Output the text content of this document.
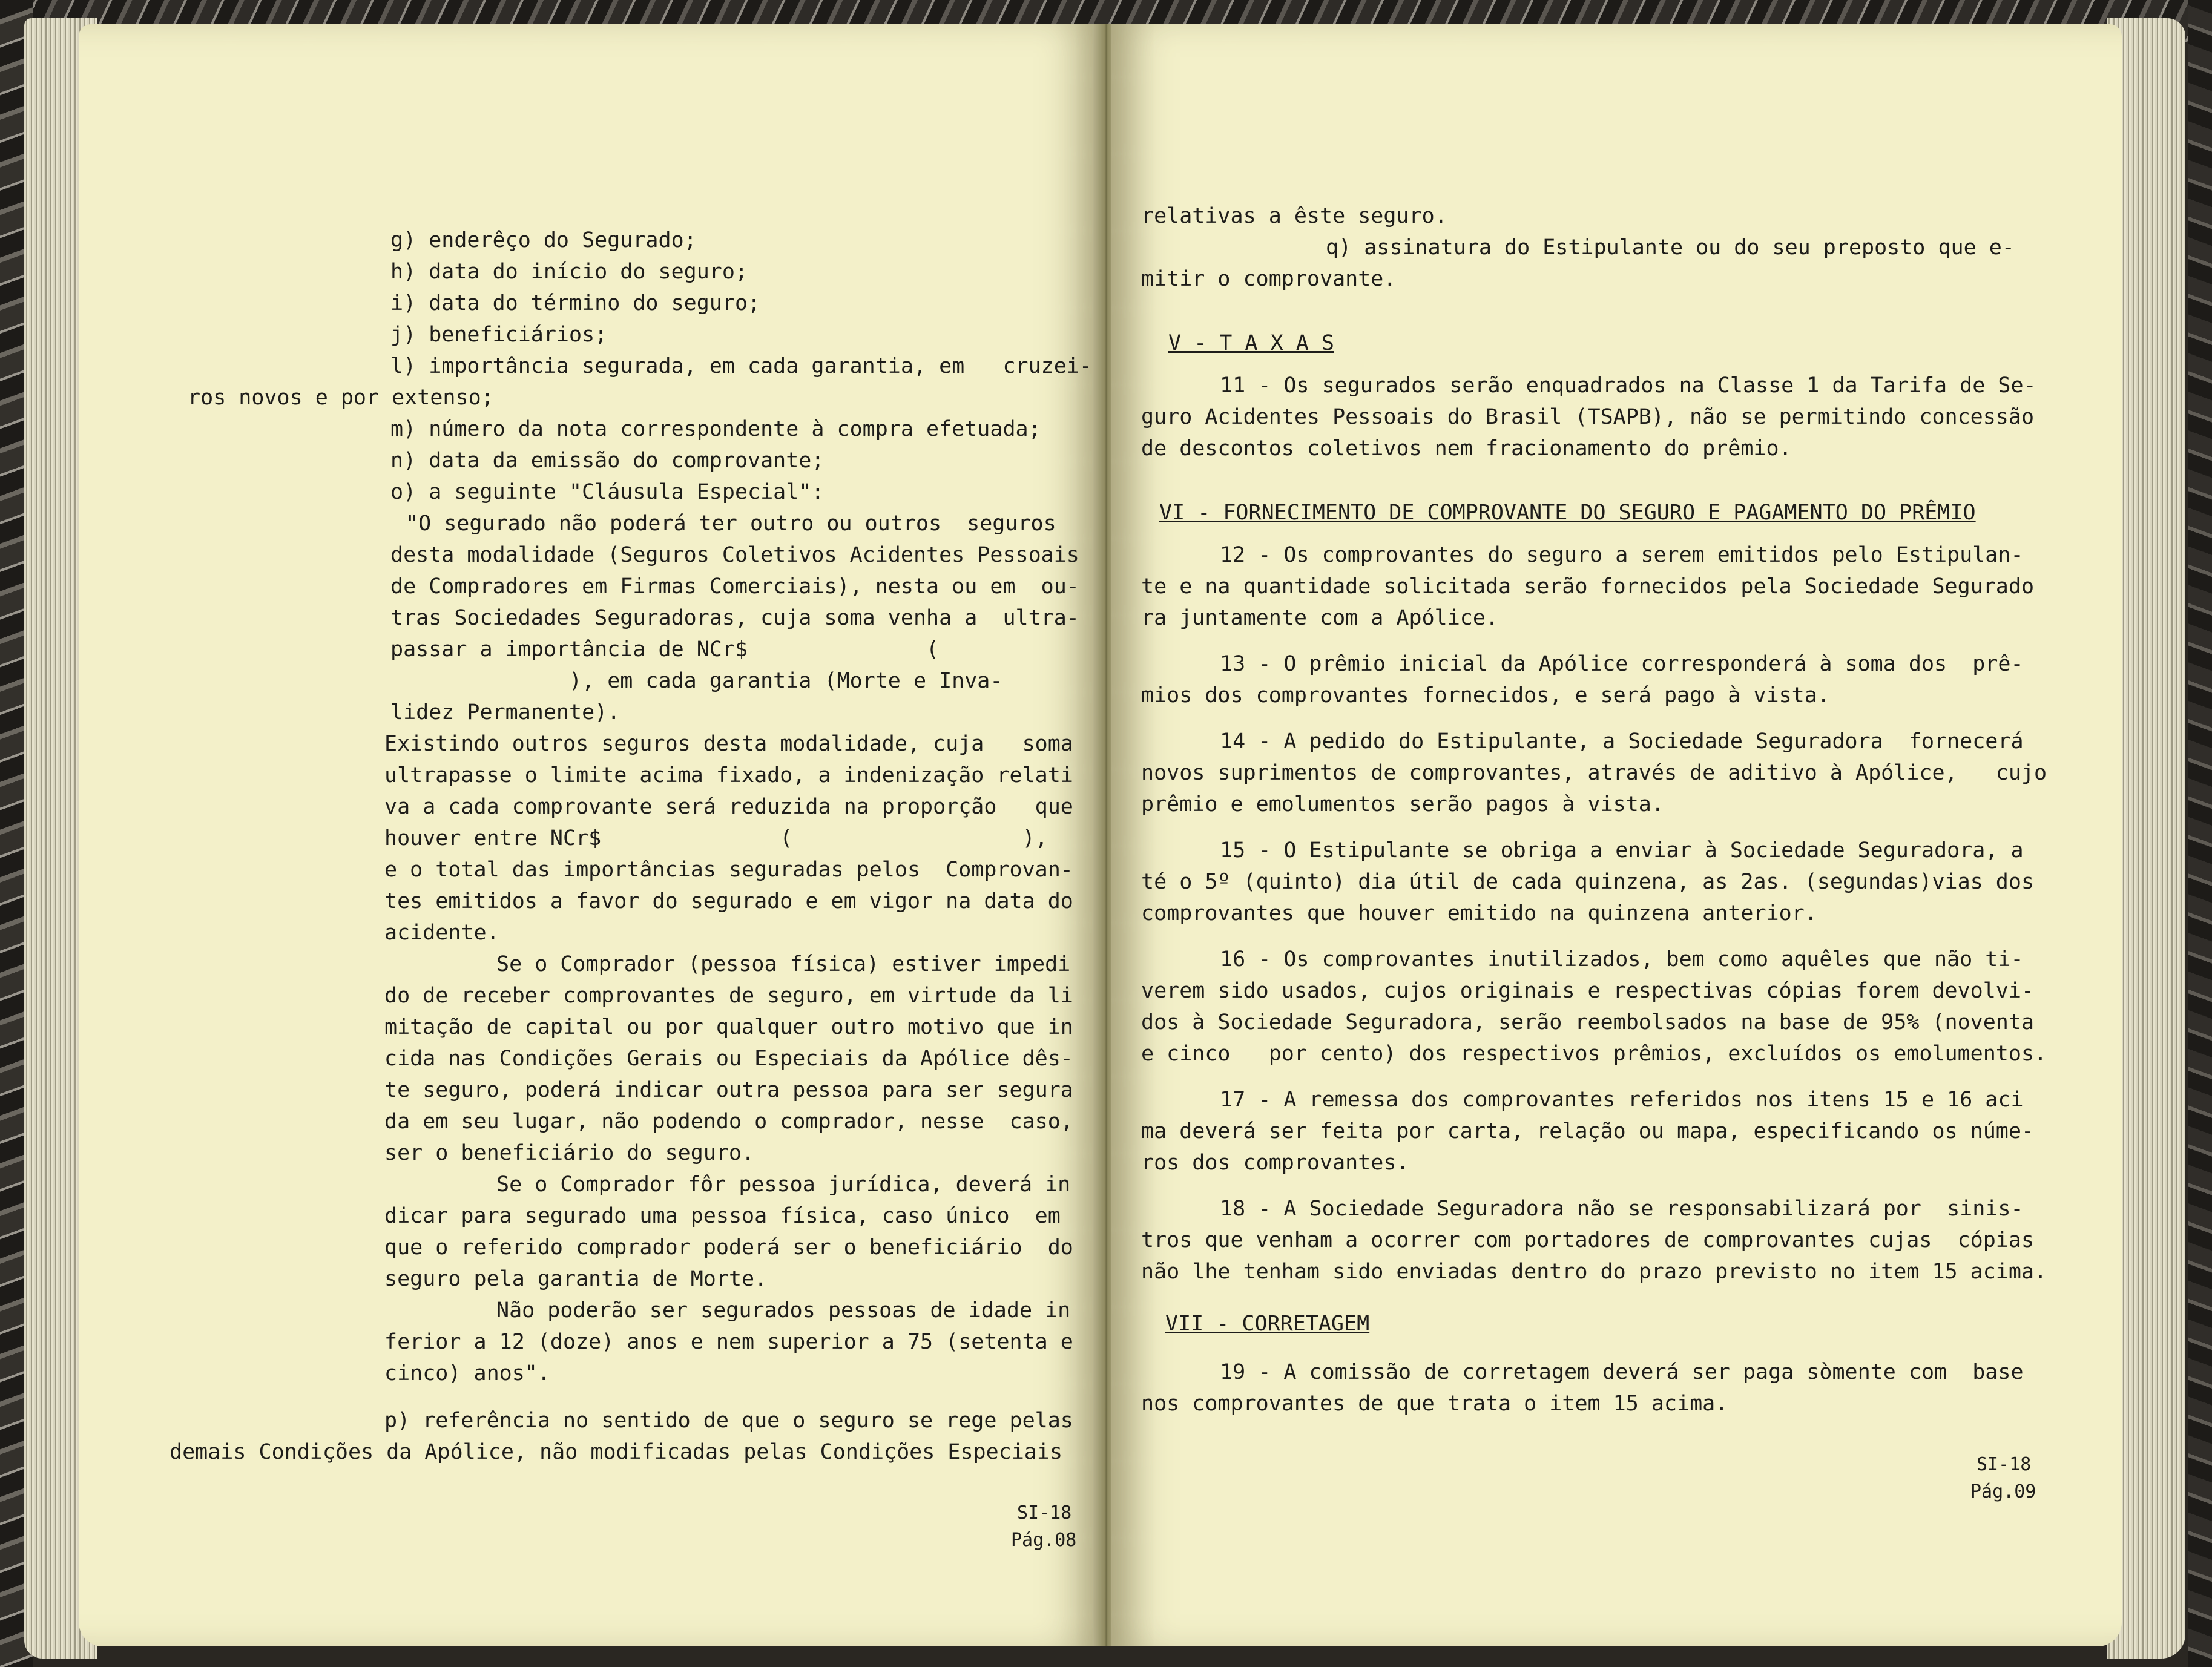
g) enderêço do Segurado;
h) data do início do seguro;
i) data do término do seguro;
j) beneficiários;
l) importância segurada, em cada garantia, em   cruzei-
ros novos e por extenso;
m) número da nota correspondente à compra efetuada;
n) data da emissão do comprovante;
o) a seguinte "Cláusula Especial":
"O segurado não poderá ter outro ou outros  seguros
desta modalidade (Seguros Coletivos Acidentes Pessoais
de Compradores em Firmas Comerciais), nesta ou em  ou-
tras Sociedades Seguradoras, cuja soma venha a  ultra-
passar a importância de NCr$              (
), em cada garantia (Morte e Inva-
lidez Permanente).
Existindo outros seguros desta modalidade, cuja   soma
ultrapasse o limite acima fixado, a indenização relati
va a cada comprovante será reduzida na proporção   que
houver entre NCr$              (                  ),
e o total das importâncias seguradas pelos  Comprovan-
tes emitidos a favor do segurado e em vigor na data do
acidente.
Se o Comprador (pessoa física) estiver impedi
do de receber comprovantes de seguro, em virtude da li
mitação de capital ou por qualquer outro motivo que in
cida nas Condições Gerais ou Especiais da Apólice dês-
te seguro, poderá indicar outra pessoa para ser segura
da em seu lugar, não podendo o comprador, nesse  caso,
ser o beneficiário do seguro.
Se o Comprador fôr pessoa jurídica, deverá in
dicar para segurado uma pessoa física, caso único  em
que o referido comprador poderá ser o beneficiário  do
seguro pela garantia de Morte.
Não poderão ser segurados pessoas de idade in
ferior a 12 (doze) anos e nem superior a 75 (setenta e
cinco) anos".
p) referência no sentido de que o seguro se rege pelas
demais Condições da Apólice, não modificadas pelas Condições Especiais
SI-18
Pág.08
relativas a êste seguro.
q) assinatura do Estipulante ou do seu preposto que e-
mitir o comprovante.
V - T A X A S
11 - Os segurados serão enquadrados na Classe 1 da Tarifa de Se-
guro Acidentes Pessoais do Brasil (TSAPB), não se permitindo concessão
de descontos coletivos nem fracionamento do prêmio.
VI - FORNECIMENTO DE COMPROVANTE DO SEGURO E PAGAMENTO DO PRÊMIO
12 - Os comprovantes do seguro a serem emitidos pelo Estipulan-
te e na quantidade solicitada serão fornecidos pela Sociedade Segurado
ra juntamente com a Apólice.
13 - O prêmio inicial da Apólice corresponderá à soma dos  prê-
mios dos comprovantes fornecidos, e será pago à vista.
14 - A pedido do Estipulante, a Sociedade Seguradora  fornecerá
novos suprimentos de comprovantes, através de aditivo à Apólice,   cujo
prêmio e emolumentos serão pagos à vista.
15 - O Estipulante se obriga a enviar à Sociedade Seguradora, a
té o 5º (quinto) dia útil de cada quinzena, as 2as. (segundas)vias dos
comprovantes que houver emitido na quinzena anterior.
16 - Os comprovantes inutilizados, bem como aquêles que não ti-
verem sido usados, cujos originais e respectivas cópias forem devolvi-
dos à Sociedade Seguradora, serão reembolsados na base de 95% (noventa
e cinco   por cento) dos respectivos prêmios, excluídos os emolumentos.
17 - A remessa dos comprovantes referidos nos itens 15 e 16 aci
ma deverá ser feita por carta, relação ou mapa, especificando os núme-
ros dos comprovantes.
18 - A Sociedade Seguradora não se responsabilizará por  sinis-
tros que venham a ocorrer com portadores de comprovantes cujas  cópias
não lhe tenham sido enviadas dentro do prazo previsto no item 15 acima.
VII - CORRETAGEM
19 - A comissão de corretagem deverá ser paga sòmente com  base
nos comprovantes de que trata o item 15 acima.
SI-18
Pág.09
